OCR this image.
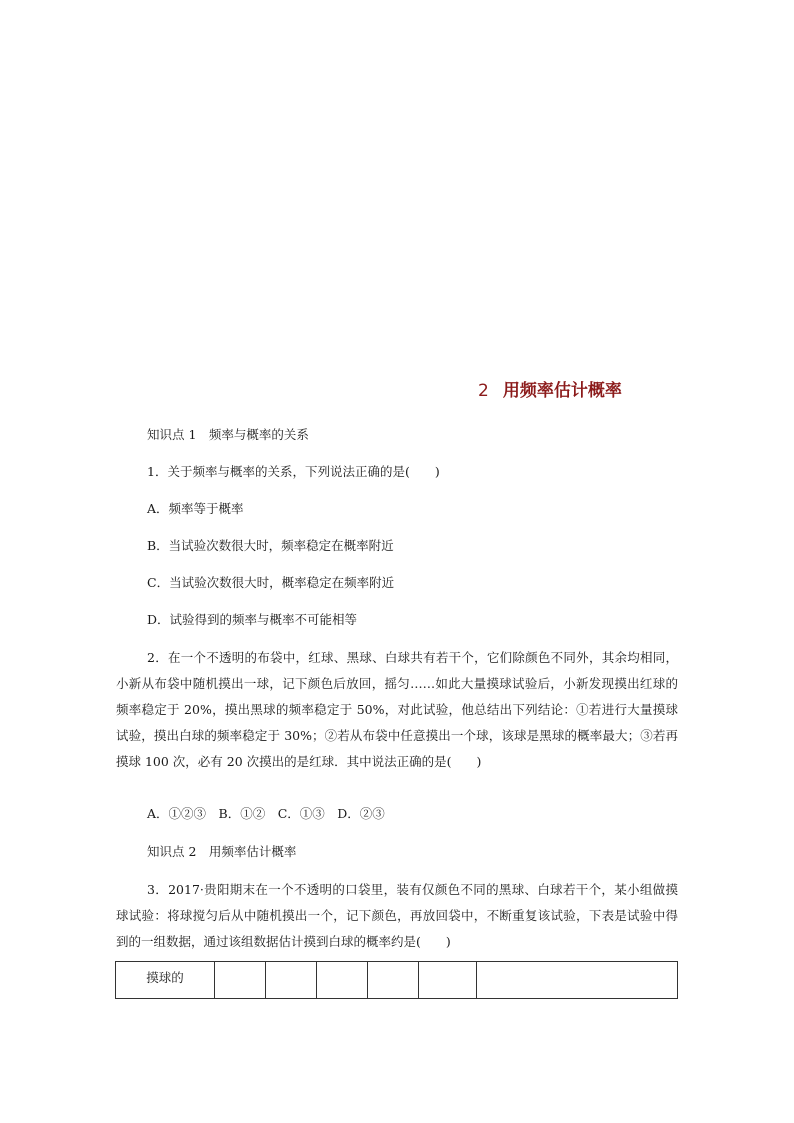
2 用频率估计概率
知识点 1　频率与概率的关系
1．关于频率与概率的关系，下列说法正确的是(　　)
A．频率等于概率
B．当试验次数很大时，频率稳定在概率附近
C．当试验次数很大时，概率稳定在频率附近
D．试验得到的频率与概率不可能相等
2．在一个不透明的布袋中，红球、黑球、白球共有若干个，它们除颜色不同外，其余均相同，小新从布袋中随机摸出一球，记下颜色后放回，摇匀……如此大量摸球试验后，小新发现摸出红球的频率稳定于 20%，摸出黑球的频率稳定于 50%，对此试验，他总结出下列结论：①若进行大量摸球试验，摸出白球的频率稳定于 30%；②若从布袋中任意摸出一个球，该球是黑球的概率最大；③若再摸球 100 次，必有 20 次摸出的是红球．其中说法正确的是(　　)
A．①②③　B．①②　C．①③　D．②③
知识点 2　用频率估计概率
3．2017·贵阳期末在一个不透明的口袋里，装有仅颜色不同的黑球、白球若干个，某小组做摸球试验：将球搅匀后从中随机摸出一个，记下颜色，再放回袋中，不断重复该试验，下表是试验中得到的一组数据，通过该组数据估计摸到白球的概率约是(　　)
摸球的						
